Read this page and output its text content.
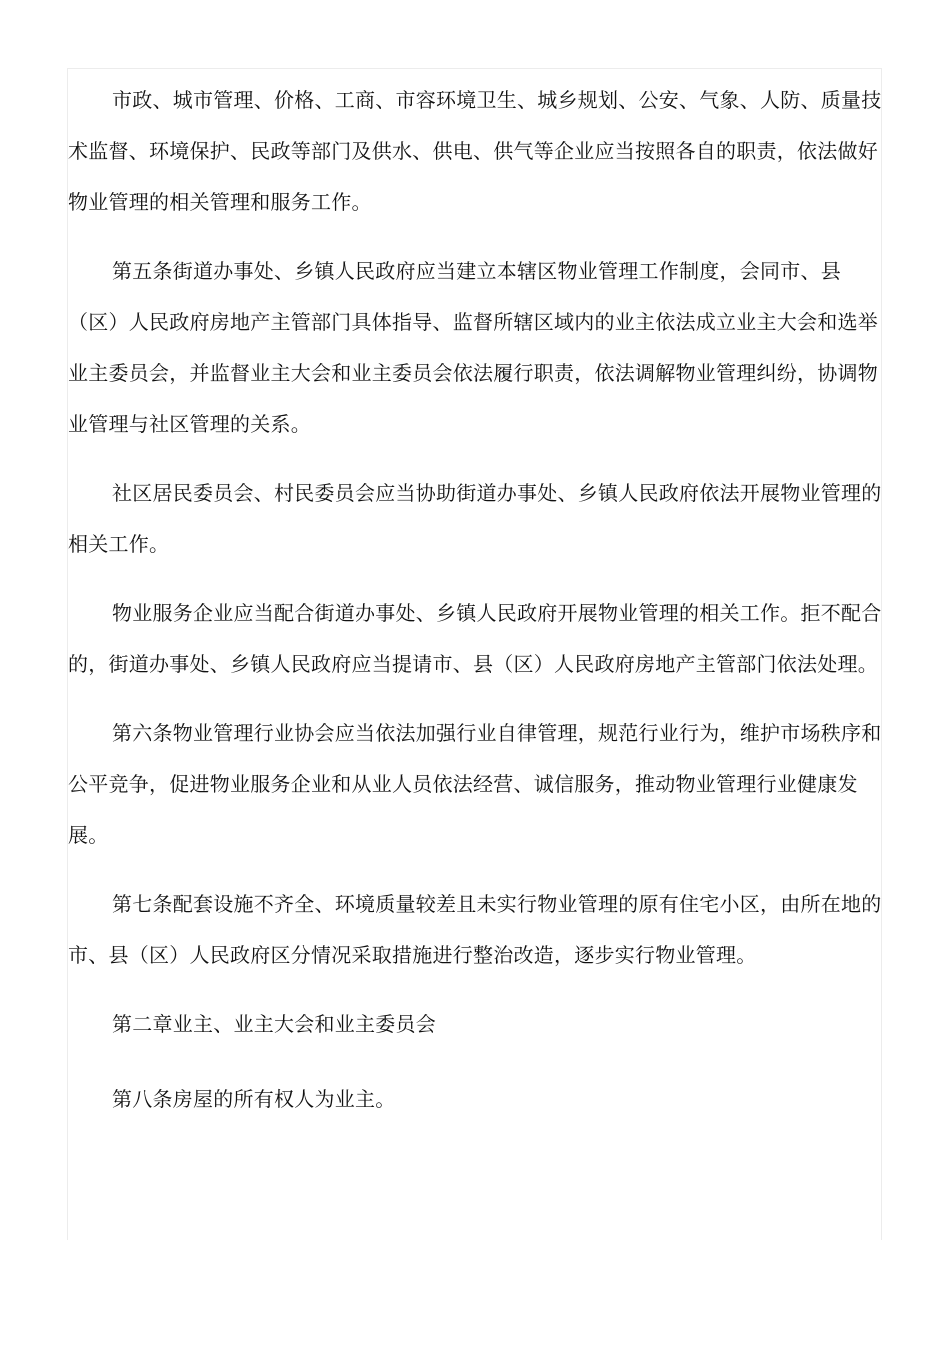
市政、城市管理、价格、工商、市容环境卫生、城乡规划、公安、气象、人防、质量技术监督、环境保护、民政等部门及供水、供电、供气等企业应当按照各自的职责，依法做好物业管理的相关管理和服务工作。

第五条街道办事处、乡镇人民政府应当建立本辖区物业管理工作制度，会同市、县（区）人民政府房地产主管部门具体指导、监督所辖区域内的业主依法成立业主大会和选举业主委员会，并监督业主大会和业主委员会依法履行职责，依法调解物业管理纠纷，协调物业管理与社区管理的关系。

社区居民委员会、村民委员会应当协助街道办事处、乡镇人民政府依法开展物业管理的相关工作。

物业服务企业应当配合街道办事处、乡镇人民政府开展物业管理的相关工作。拒不配合的，街道办事处、乡镇人民政府应当提请市、县（区）人民政府房地产主管部门依法处理。

第六条物业管理行业协会应当依法加强行业自律管理，规范行业行为，维护市场秩序和公平竞争，促进物业服务企业和从业人员依法经营、诚信服务，推动物业管理行业健康发展。

第七条配套设施不齐全、环境质量较差且未实行物业管理的原有住宅小区，由所在地的市、县（区）人民政府区分情况采取措施进行整治改造，逐步实行物业管理。

第二章业主、业主大会和业主委员会

第八条房屋的所有权人为业主。
